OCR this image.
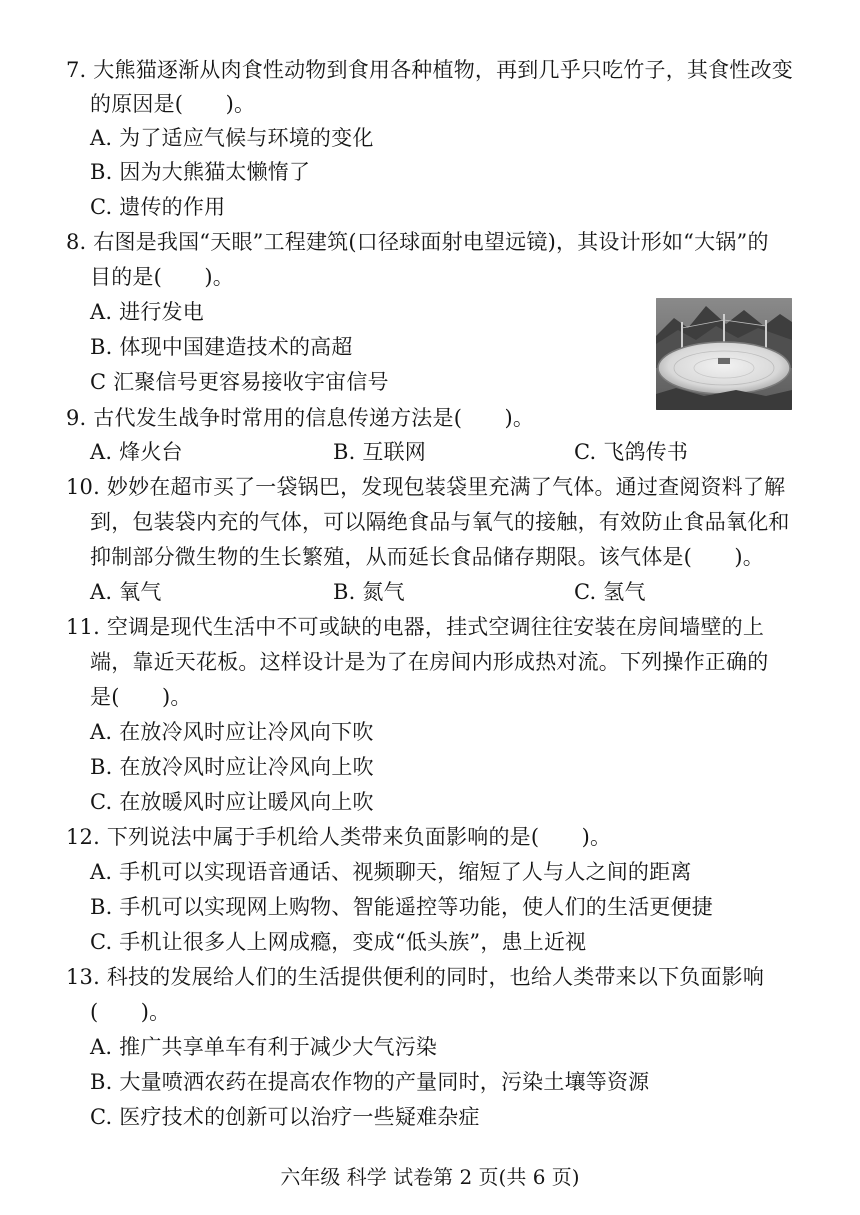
7. 大熊猫逐渐从肉食性动物到食用各种植物，再到几乎只吃竹子，其食性改变
的原因是(　　)。
A. 为了适应气候与环境的变化
B. 因为大熊猫太懒惰了
C. 遗传的作用
8. 右图是我国“天眼”工程建筑(口径球面射电望远镜)，其设计形如“大锅”的
目的是(　　)。
A. 进行发电
B. 体现中国建造技术的高超
C 汇聚信号更容易接收宇宙信号
9. 古代发生战争时常用的信息传递方法是(　　)。
A. 烽火台	B. 互联网	C. 飞鸽传书
10. 妙妙在超市买了一袋锅巴，发现包装袋里充满了气体。通过查阅资料了解
到，包装袋内充的气体，可以隔绝食品与氧气的接触，有效防止食品氧化和
抑制部分微生物的生长繁殖，从而延长食品储存期限。该气体是(　　)。
A. 氧气	B. 氮气	C. 氢气
11. 空调是现代生活中不可或缺的电器，挂式空调往往安装在房间墙壁的上
端，靠近天花板。这样设计是为了在房间内形成热对流。下列操作正确的
是(　　)。
A. 在放冷风时应让冷风向下吹
B. 在放冷风时应让冷风向上吹
C. 在放暖风时应让暖风向上吹
12. 下列说法中属于手机给人类带来负面影响的是(　　)。
A. 手机可以实现语音通话、视频聊天，缩短了人与人之间的距离
B. 手机可以实现网上购物、智能遥控等功能，使人们的生活更便捷
C. 手机让很多人上网成瘾，变成“低头族”，患上近视
13. 科技的发展给人们的生活提供便利的同时，也给人类带来以下负面影响
(　　)。
A. 推广共享单车有利于减少大气污染
B. 大量喷洒农药在提高农作物的产量同时，污染土壤等资源
C. 医疗技术的创新可以治疗一些疑难杂症
六年级 科学 试卷第 2 页(共 6 页)
